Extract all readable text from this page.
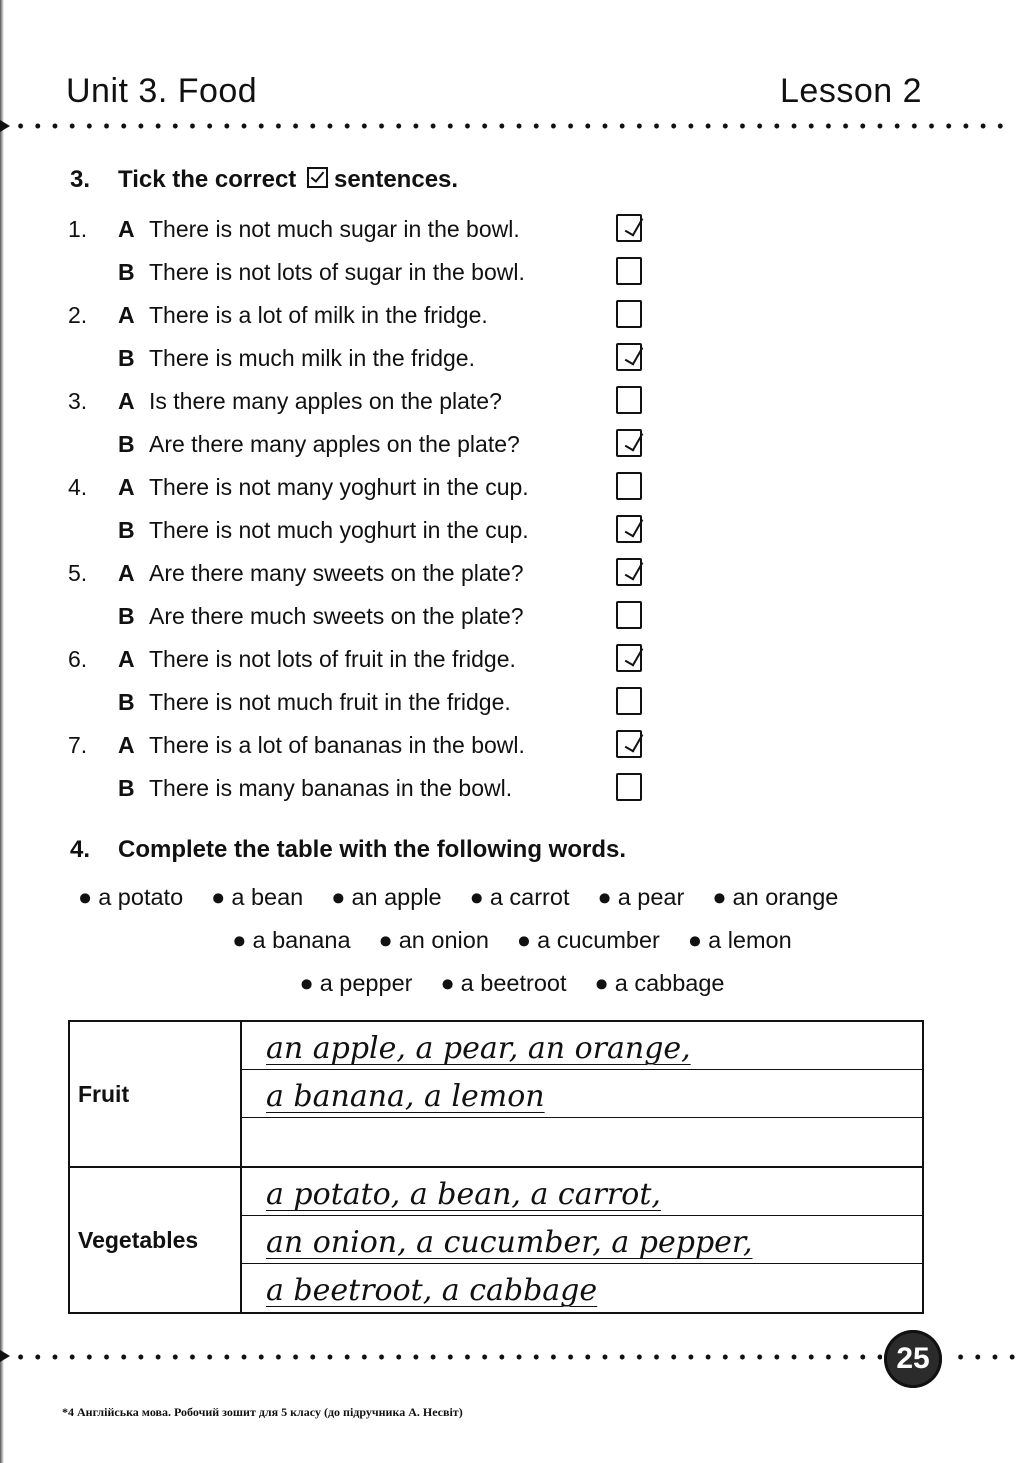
Unit 3. Food	Lesson 2
3. Tick the correct sentences.
1. A There is not much sugar in the bowl.
B There is not lots of sugar in the bowl.
2. A There is a lot of milk in the fridge.
B There is much milk in the fridge.
3. A Is there many apples on the plate?
B Are there many apples on the plate?
4. A There is not many yoghurt in the cup.
B There is not much yoghurt in the cup.
5. A Are there many sweets on the plate?
B Are there much sweets on the plate?
6. A There is not lots of fruit in the fridge.
B There is not much fruit in the fridge.
7. A There is a lot of bananas in the bowl.
B There is many bananas in the bowl.
4. Complete the table with the following words.
● a potato ● a bean ● an apple ● a carrot ● a pear ● an orange
● a banana ● an onion ● a cucumber ● a lemon
● a pepper ● a beetroot ● a cabbage
Fruit	an apple, a pear, an orange,
a banana, a lemon

Vegetables	a potato, a bean, a carrot,
an onion, a cucumber, a pepper,
a beetroot, a cabbage
25
*4 Англійська мова. Робочий зошит для 5 класу (до підручника А. Несвіт)
